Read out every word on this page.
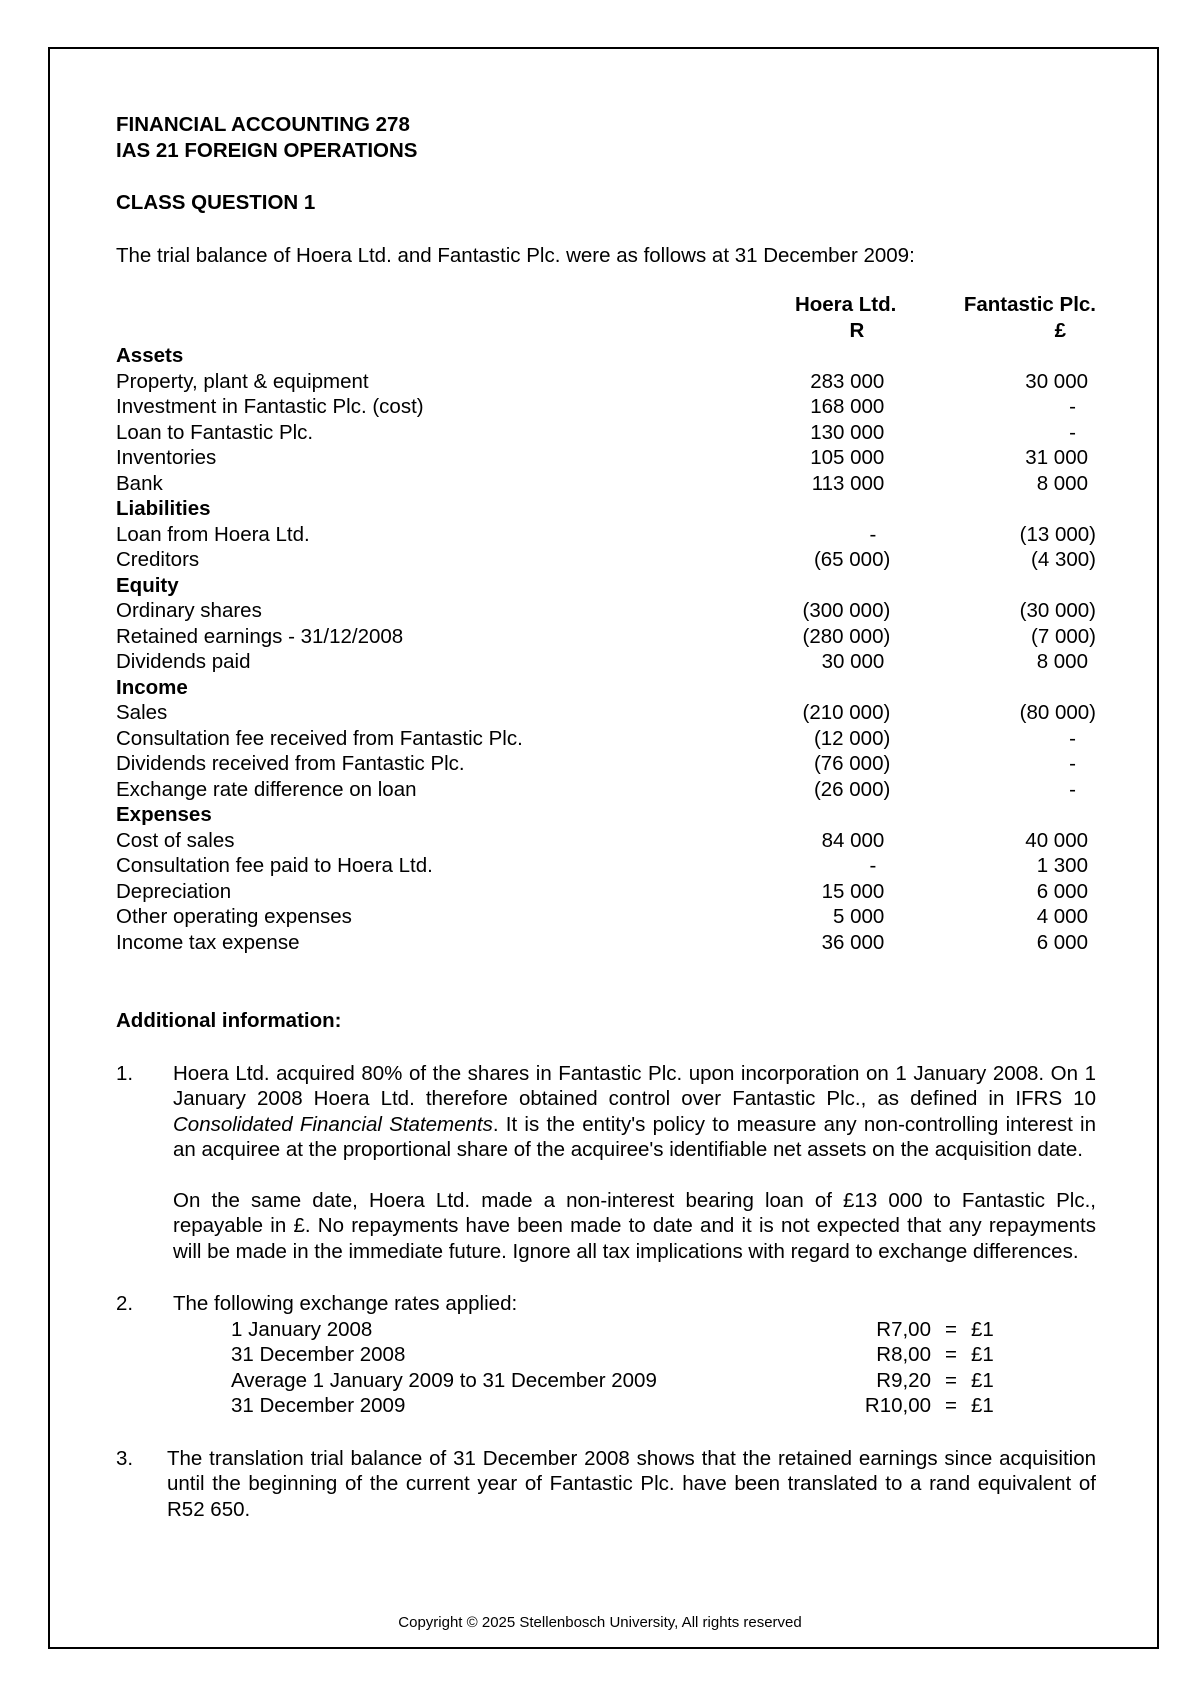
FINANCIAL ACCOUNTING 278
IAS 21 FOREIGN OPERATIONS
CLASS QUESTION 1
The trial balance of Hoera Ltd. and Fantastic Plc. were as follows at 31 December 2009:
	Hoera Ltd.	Fantastic Plc.
	R	£
Assets		
Property, plant & equipment	283 000	30 000
Investment in Fantastic Plc. (cost)	168 000	-
Loan to Fantastic Plc.	130 000	-
Inventories	105 000	31 000
Bank	113 000	8 000
Liabilities		
Loan from Hoera Ltd.	-	(13 000)
Creditors	(65 000)	(4 300)
Equity		
Ordinary shares	(300 000)	(30 000)
Retained earnings - 31/12/2008	(280 000)	(7 000)
Dividends paid	30 000	8 000
Income		
Sales	(210 000)	(80 000)
Consultation fee received from Fantastic Plc.	(12 000)	-
Dividends received from Fantastic Plc.	(76 000)	-
Exchange rate difference on loan	(26 000)	-
Expenses		
Cost of sales	84 000	40 000
Consultation fee paid to Hoera Ltd.	-	1 300
Depreciation	15 000	6 000
Other operating expenses	5 000	4 000
Income tax expense	36 000	6 000
Additional information:
1. Hoera Ltd. acquired 80% of the shares in Fantastic Plc. upon incorporation on 1 January 2008. On 1 January 2008 Hoera Ltd. therefore obtained control over Fantastic Plc., as defined in IFRS 10 Consolidated Financial Statements. It is the entity's policy to measure any non-controlling interest in an acquiree at the proportional share of the acquiree's identifiable net assets on the acquisition date.

On the same date, Hoera Ltd. made a non-interest bearing loan of £13 000 to Fantastic Plc., repayable in £. No repayments have been made to date and it is not expected that any repayments will be made in the immediate future. Ignore all tax implications with regard to exchange differences.

2. The following exchange rates applied:

1 January 2008	R7,00 = £1
31 December 2008	R8,00 = £1
Average 1 January 2009 to 31 December 2009	R9,20 = £1
31 December 2009	R10,00 = £1
3. The translation trial balance of 31 December 2008 shows that the retained earnings since acquisition until the beginning of the current year of Fantastic Plc. have been translated to a rand equivalent of R52 650.

Copyright © 2025 Stellenbosch University, All rights reserved
